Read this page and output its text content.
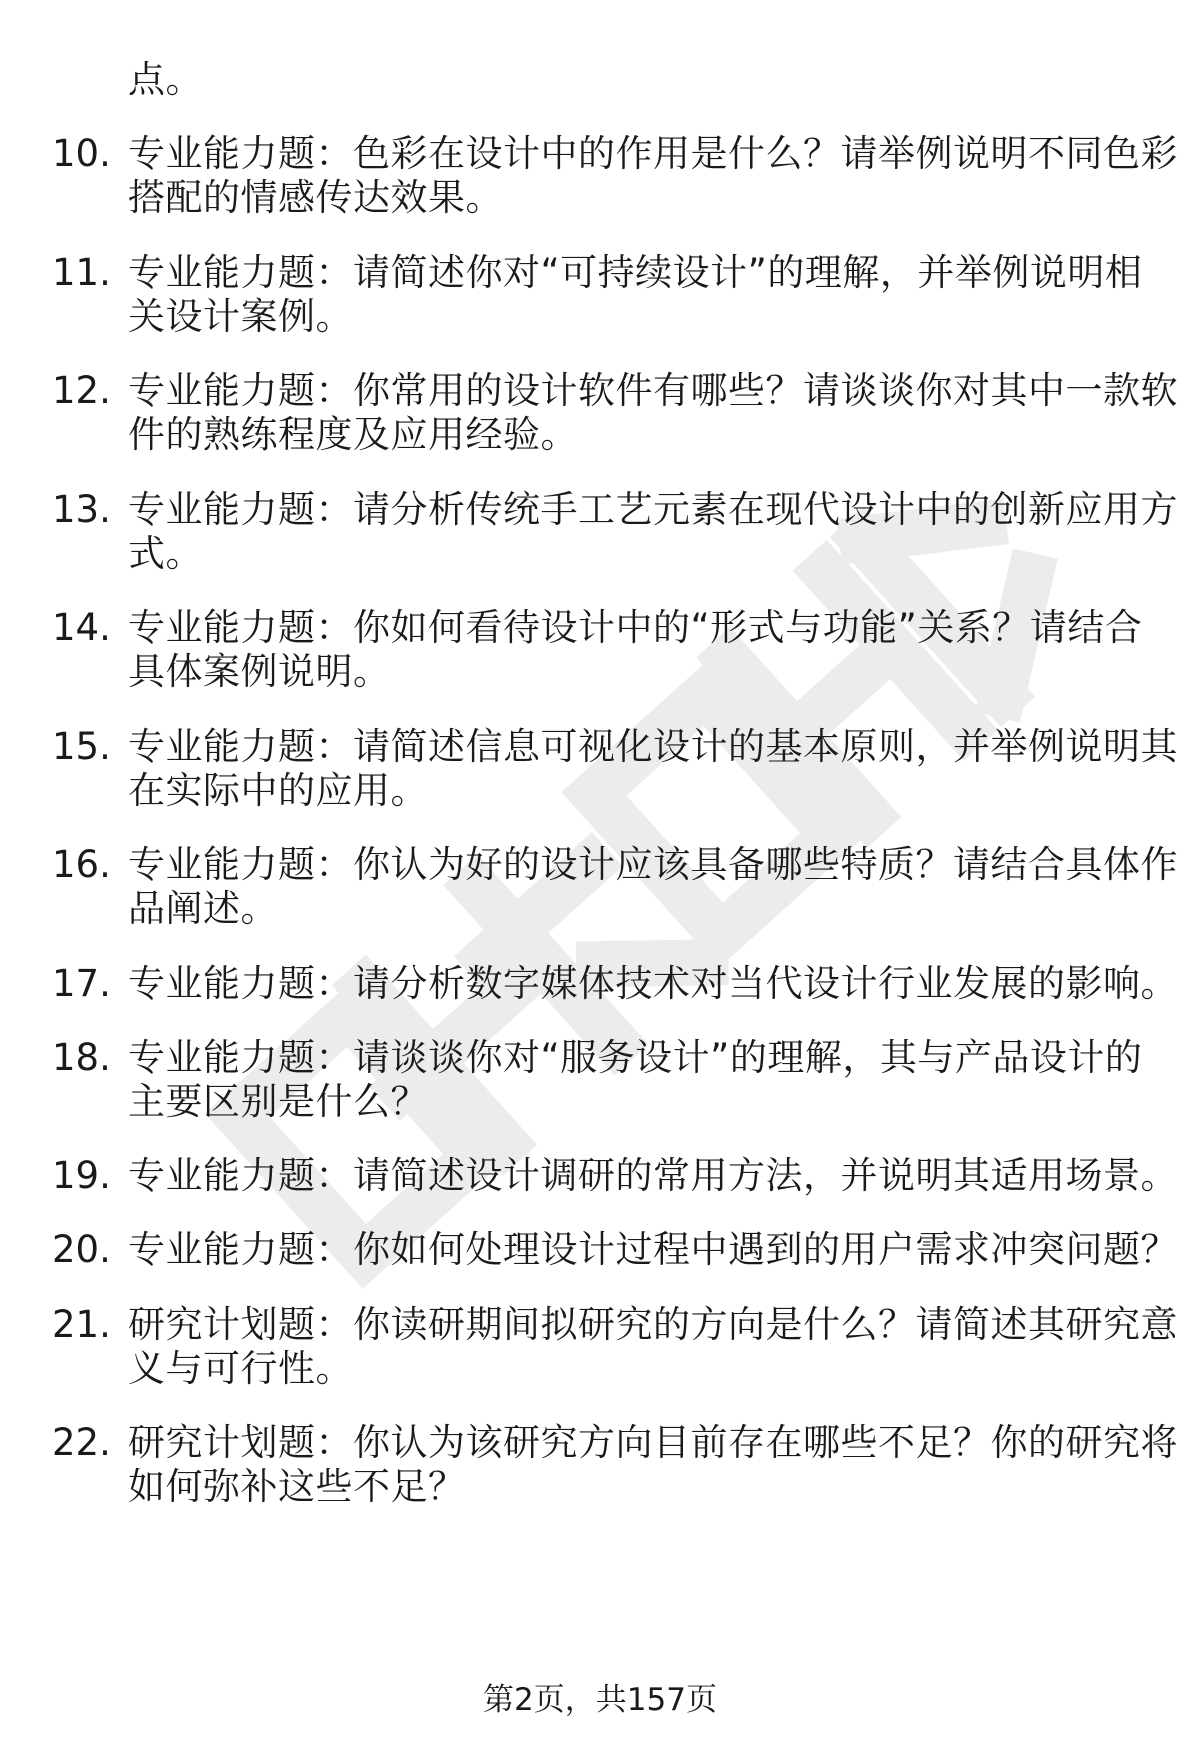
点。
10. 专业能力题：色彩在设计中的作用是什么？请举例说明不同色彩
搭配的情感传达效果。
11. 专业能力题：请简述你对“可持续设计”的理解，并举例说明相
关设计案例。
12. 专业能力题：你常用的设计软件有哪些？请谈谈你对其中一款软
件的熟练程度及应用经验。
13. 专业能力题：请分析传统手工艺元素在现代设计中的创新应用方
式。
14. 专业能力题：你如何看待设计中的“形式与功能”关系？请结合
具体案例说明。
15. 专业能力题：请简述信息可视化设计的基本原则，并举例说明其
在实际中的应用。
16. 专业能力题：你认为好的设计应该具备哪些特质？请结合具体作
品阐述。
17. 专业能力题：请分析数字媒体技术对当代设计行业发展的影响。
18. 专业能力题：请谈谈你对“服务设计”的理解，其与产品设计的
主要区别是什么？
19. 专业能力题：请简述设计调研的常用方法，并说明其适用场景。
20. 专业能力题：你如何处理设计过程中遇到的用户需求冲突问题？
21. 研究计划题：你读研期间拟研究的方向是什么？请简述其研究意
义与可行性。
22. 研究计划题：你认为该研究方向目前存在哪些不足？你的研究将
如何弥补这些不足？
第2页，共157页
